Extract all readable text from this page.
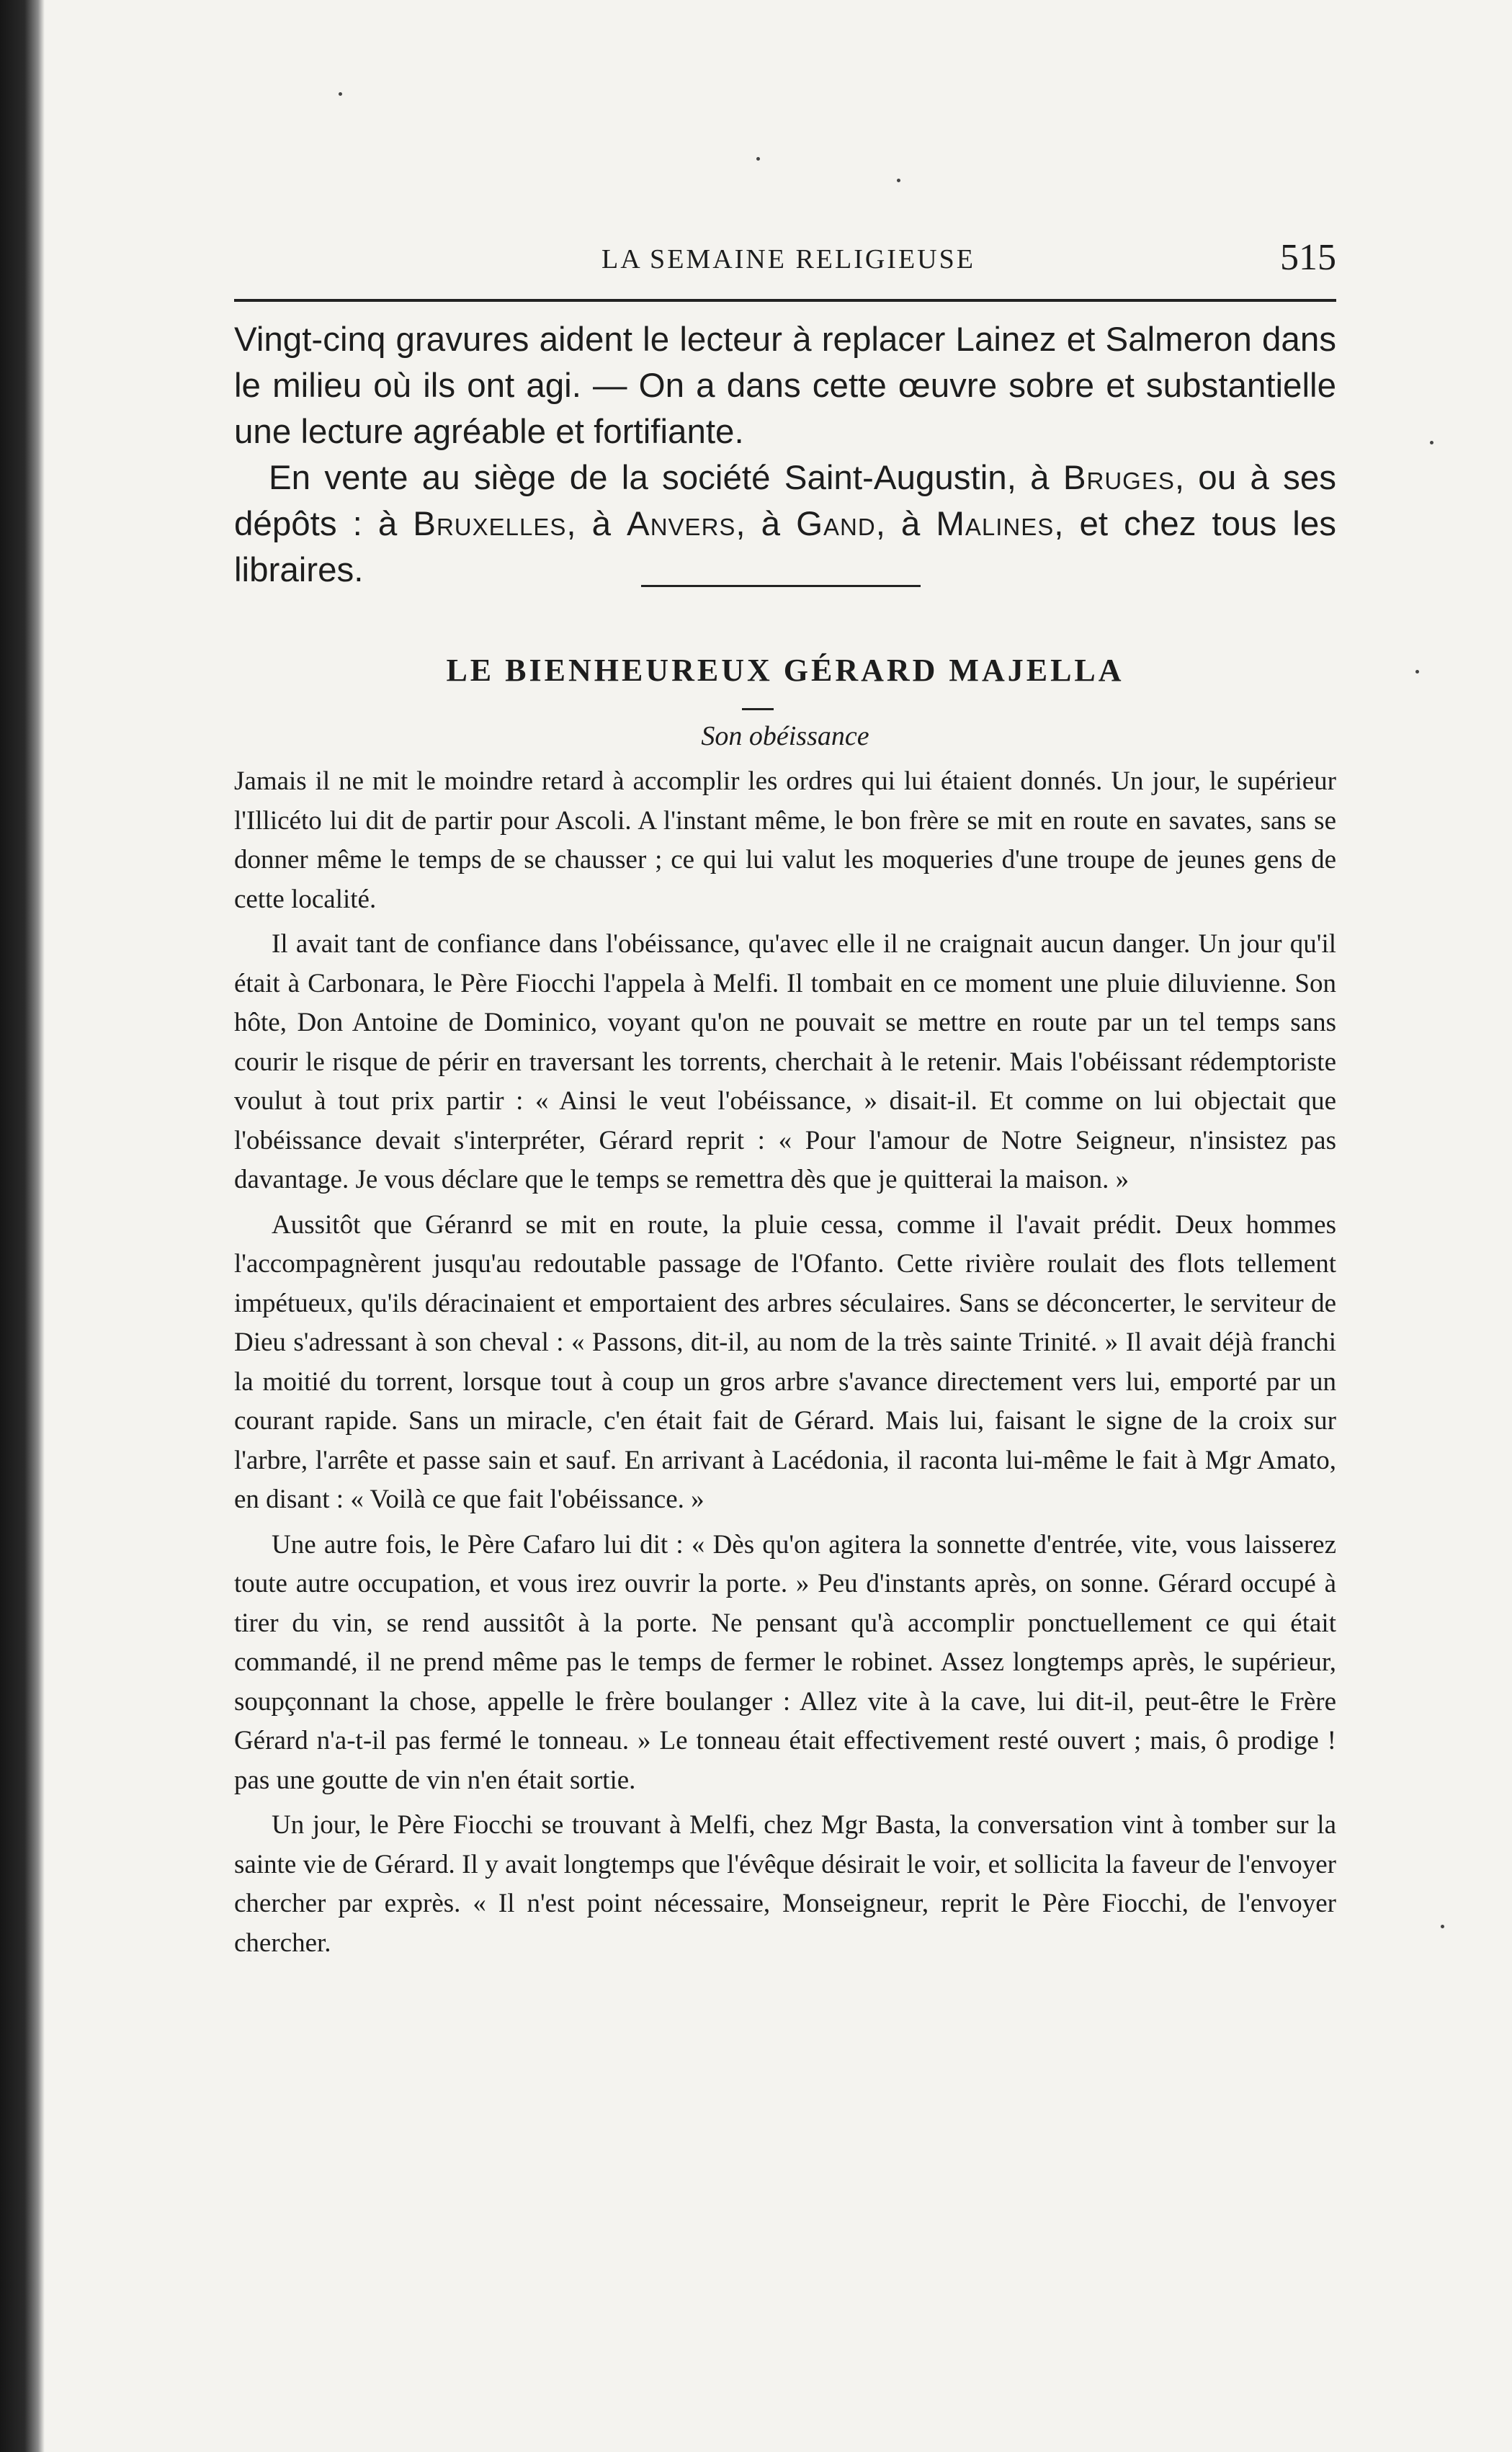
LA SEMAINE RELIGIEUSE	515

Vingt-cinq gravures aident le lecteur à replacer Lainez et Salmeron dans le milieu où ils ont agi. — On a dans cette œuvre sobre et substantielle une lecture agréable et fortifiante.

En vente au siège de la société Saint-Augustin, à Bruges, ou à ses dépôts : à Bruxelles, à Anvers, à Gand, à Malines, et chez tous les libraires.

LE BIENHEUREUX GÉRARD MAJELLA
Son obéissance

Jamais il ne mit le moindre retard à accomplir les ordres qui lui étaient donnés. Un jour, le supérieur l'Illicéto lui dit de partir pour Ascoli. A l'instant même, le bon frère se mit en route en savates, sans se donner même le temps de se chausser ; ce qui lui valut les moqueries d'une troupe de jeunes gens de cette localité.

Il avait tant de confiance dans l'obéissance, qu'avec elle il ne craignait aucun danger. Un jour qu'il était à Carbonara, le Père Fiocchi l'appela à Melfi. Il tombait en ce moment une pluie diluvienne. Son hôte, Don Antoine de Dominico, voyant qu'on ne pouvait se mettre en route par un tel temps sans courir le risque de périr en traversant les torrents, cherchait à le retenir. Mais l'obéissant rédemptoriste voulut à tout prix partir : « Ainsi le veut l'obéissance, » disait-il. Et comme on lui objectait que l'obéissance devait s'interpréter, Gérard reprit : « Pour l'amour de Notre Seigneur, n'insistez pas davantage. Je vous déclare que le temps se remettra dès que je quitterai la maison. »

Aussitôt que Géranrd se mit en route, la pluie cessa, comme il l'avait prédit. Deux hommes l'accompagnèrent jusqu'au redoutable passage de l'Ofanto. Cette rivière roulait des flots tellement impétueux, qu'ils déracinaient et emportaient des arbres séculaires. Sans se déconcerter, le serviteur de Dieu s'adressant à son cheval : « Passons, dit-il, au nom de la très sainte Trinité. » Il avait déjà franchi la moitié du torrent, lorsque tout à coup un gros arbre s'avance directement vers lui, emporté par un courant rapide. Sans un miracle, c'en était fait de Gérard. Mais lui, faisant le signe de la croix sur l'arbre, l'arrête et passe sain et sauf. En arrivant à Lacédonia, il raconta lui-même le fait à Mgr Amato, en disant : « Voilà ce que fait l'obéissance. »

Une autre fois, le Père Cafaro lui dit : « Dès qu'on agitera la sonnette d'entrée, vite, vous laisserez toute autre occupation, et vous irez ouvrir la porte. » Peu d'instants après, on sonne. Gérard occupé à tirer du vin, se rend aussitôt à la porte. Ne pensant qu'à accomplir ponctuellement ce qui était commandé, il ne prend même pas le temps de fermer le robinet. Assez longtemps après, le supérieur, soupçonnant la chose, appelle le frère boulanger : Allez vite à la cave, lui dit-il, peut-être le Frère Gérard n'a-t-il pas fermé le tonneau. » Le tonneau était effectivement resté ouvert ; mais, ô prodige ! pas une goutte de vin n'en était sortie.

Un jour, le Père Fiocchi se trouvant à Melfi, chez Mgr Basta, la conversation vint à tomber sur la sainte vie de Gérard. Il y avait longtemps que l'évêque désirait le voir, et sollicita la faveur de l'envoyer chercher par exprès. « Il n'est point nécessaire, Monseigneur, reprit le Père Fiocchi, de l'envoyer chercher.
